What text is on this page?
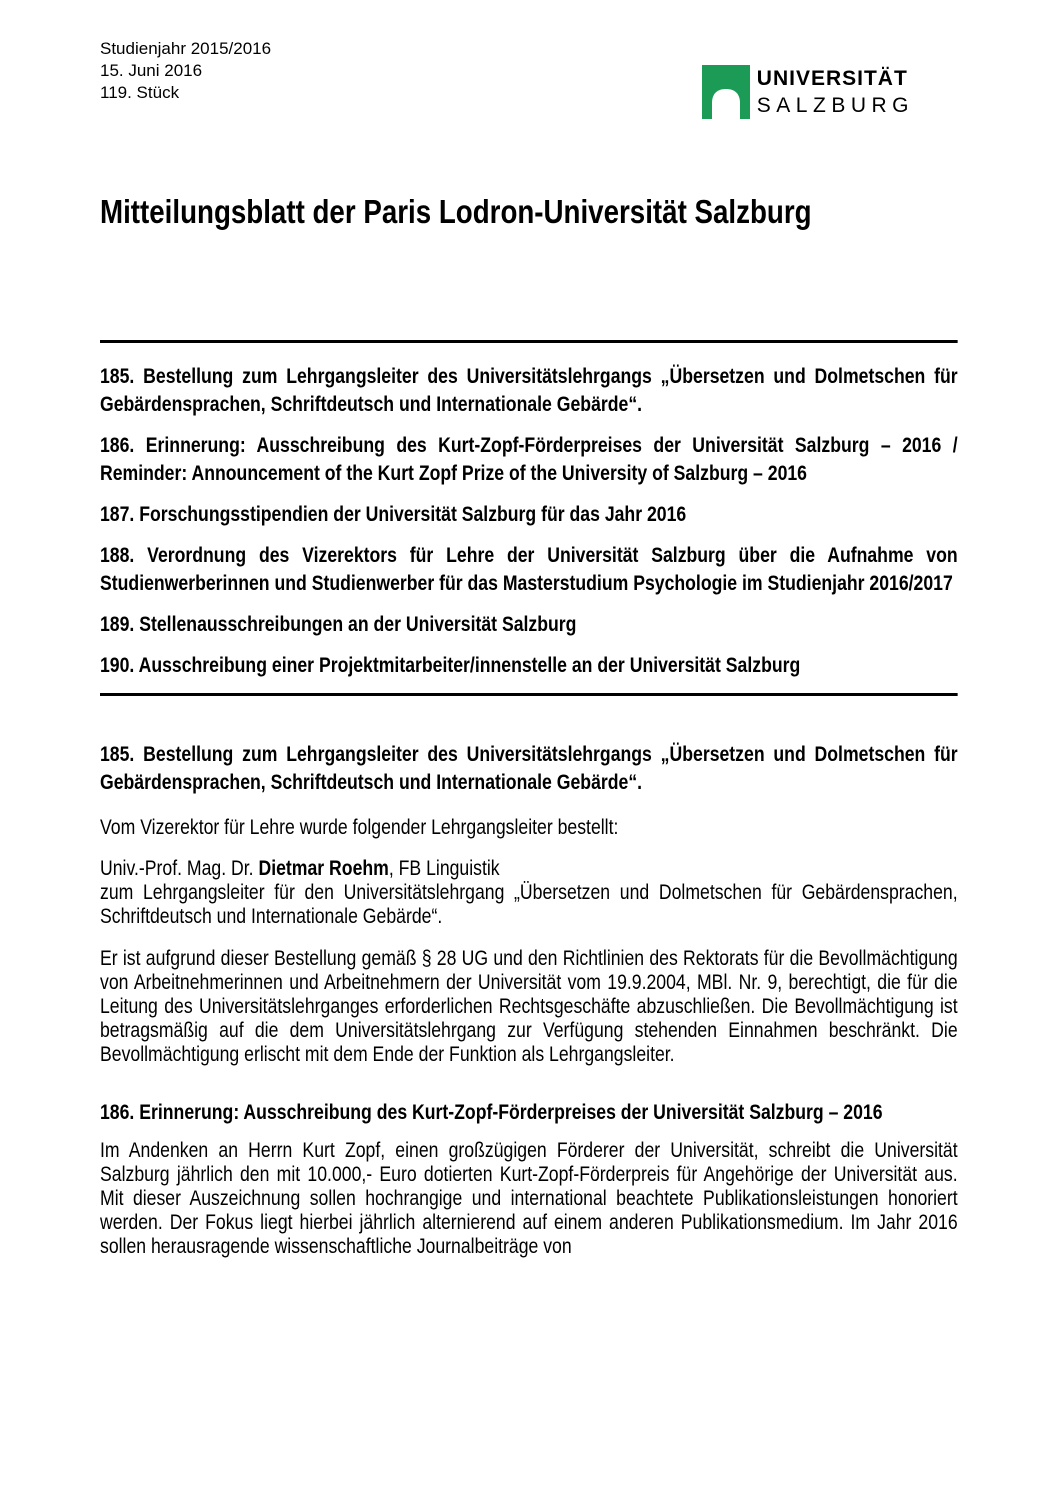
Studienjahr 2015/2016
15. Juni 2016
119. Stück
UNIVERSITÄT
SALZBURG
Mitteilungsblatt der Paris Lodron-Universität Salzburg

185. Bestellung zum Lehrgangsleiter des Universitätslehrgangs „Übersetzen und Dolmetschen für Gebärdensprachen, Schriftdeutsch und Internationale Gebärde“.

186. Erinnerung: Ausschreibung des Kurt-Zopf-Förderpreises der Universität Salzburg – 2016 / Reminder: Announcement of the Kurt Zopf Prize of the University of Salzburg – 2016

187. Forschungsstipendien der Universität Salzburg für das Jahr 2016

188. Verordnung des Vizerektors für Lehre der Universität Salzburg über die Aufnahme von Studienwerberinnen und Studienwerber für das Masterstudium Psychologie im Studienjahr 2016/2017

189. Stellenausschreibungen an der Universität Salzburg

190. Ausschreibung einer Projektmitarbeiter/innenstelle an der Universität Salzburg

185. Bestellung zum Lehrgangsleiter des Universitätslehrgangs „Übersetzen und Dolmetschen für Gebärdensprachen, Schriftdeutsch und Internationale Gebärde“.

Vom Vizerektor für Lehre wurde folgender Lehrgangsleiter bestellt:

Univ.-Prof. Mag. Dr. Dietmar Roehm, FB Linguistik

zum Lehrgangsleiter für den Universitätslehrgang „Übersetzen und Dolmetschen für Gebärdensprachen, Schriftdeutsch und Internationale Gebärde“.

Er ist aufgrund dieser Bestellung gemäß § 28 UG und den Richtlinien des Rektorats für die Bevollmächtigung von Arbeitnehmerinnen und Arbeitnehmern der Universität vom 19.9.2004, MBl. Nr. 9, berechtigt, die für die Leitung des Universitätslehrganges erforderlichen Rechtsgeschäfte abzuschließen. Die Bevollmächtigung ist betragsmäßig auf die dem Universitätslehrgang zur Verfügung stehenden Einnahmen beschränkt. Die Bevollmächtigung erlischt mit dem Ende der Funktion als Lehrgangsleiter.

186. Erinnerung: Ausschreibung des Kurt-Zopf-Förderpreises der Universität Salzburg – 2016

Im Andenken an Herrn Kurt Zopf, einen großzügigen Förderer der Universität, schreibt die Universität Salzburg jährlich den mit 10.000,- Euro dotierten Kurt-Zopf-Förderpreis für Angehörige der Universität aus. Mit dieser Auszeichnung sollen hochrangige und international beachtete Publikationsleistungen honoriert werden. Der Fokus liegt hierbei jährlich alternierend auf einem anderen Publikationsmedium. Im Jahr 2016 sollen herausragende wissenschaftliche Journalbeiträge von
